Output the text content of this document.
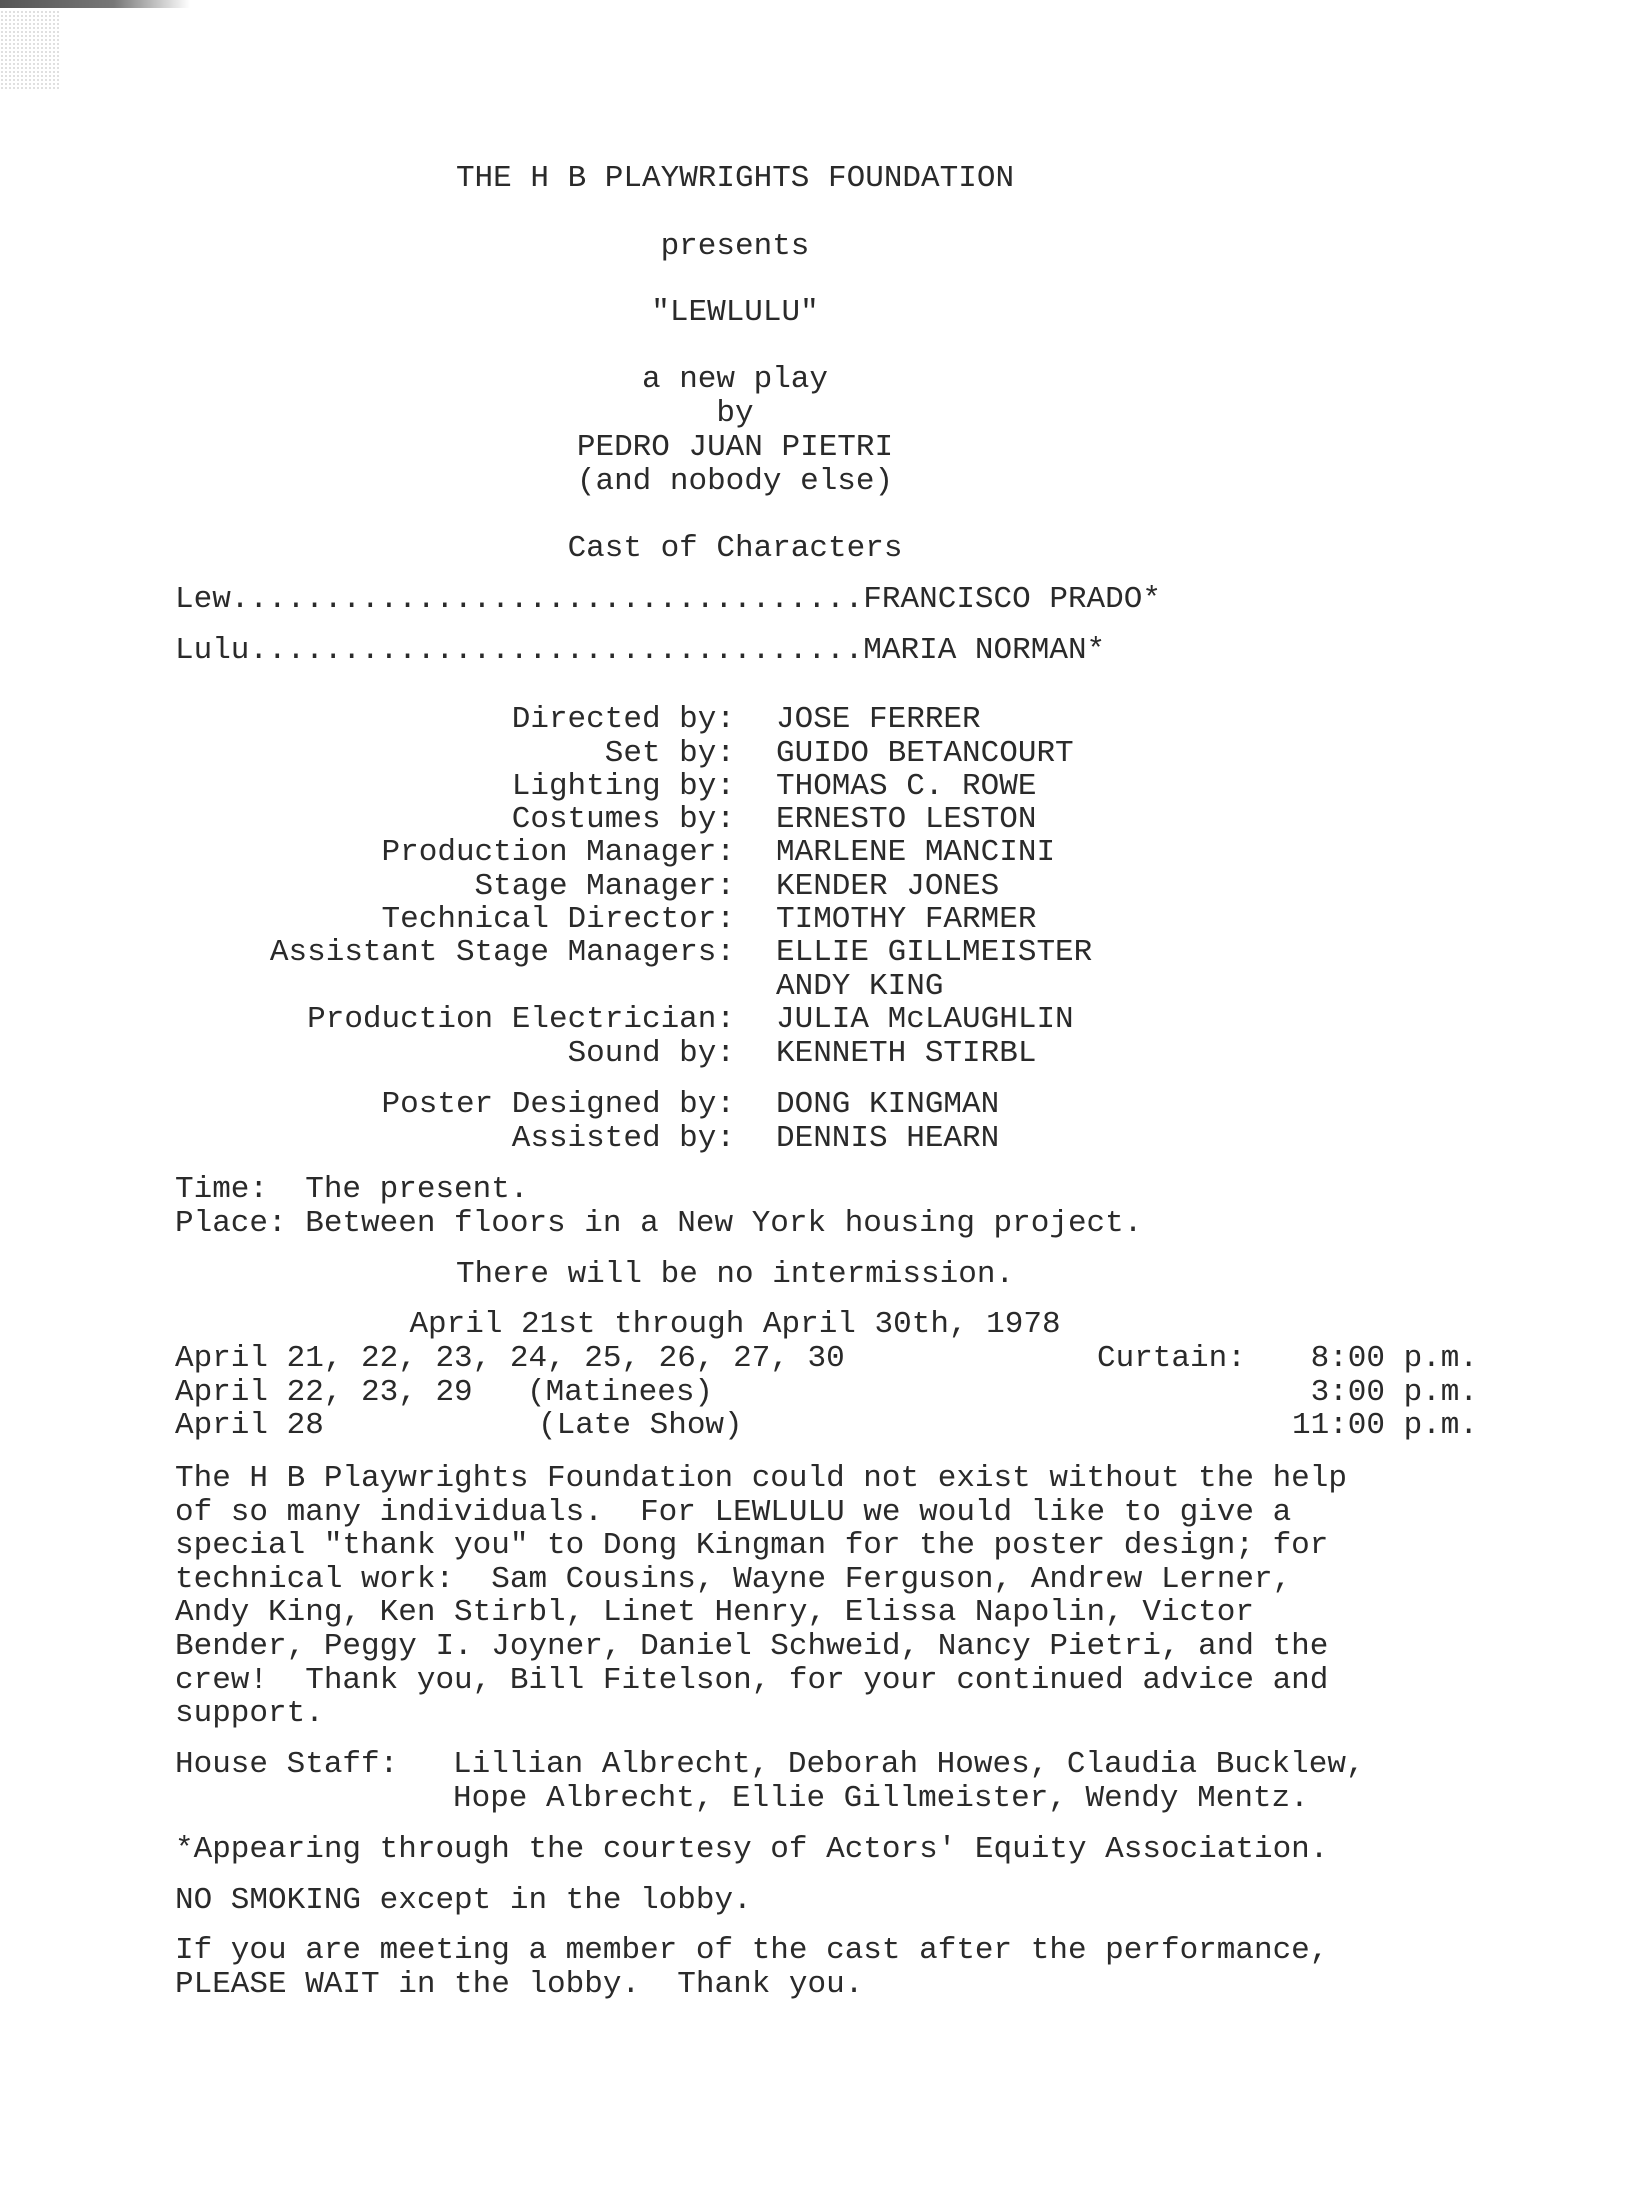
THE H B PLAYWRIGHTS FOUNDATION
presents
"LEWLULU"
a new play
by
PEDRO JUAN PIETRI
(and nobody else)
Cast of Characters
Lew..................................FRANCISCO PRADO*
Lulu.................................MARIA NORMAN*
Directed by: JOSE FERRER
Set by: GUIDO BETANCOURT
Lighting by: THOMAS C. ROWE
Costumes by: ERNESTO LESTON
Production Manager: MARLENE MANCINI
Stage Manager: KENDER JONES
Technical Director: TIMOTHY FARMER
Assistant Stage Managers: ELLIE GILLMEISTER
ANDY KING
Production Electrician: JULIA McLAUGHLIN
Sound by: KENNETH STIRBL
Poster Designed by: DONG KINGMAN
Assisted by: DENNIS HEARN
Time:  The present.
Place: Between floors in a New York housing project.
There will be no intermission.
April 21st through April 30th, 1978
April 21, 22, 23, 24, 25, 26, 27, 30	Curtain: 8:00 p.m.
April 22, 23, 29 (Matinees)	3:00 p.m.
April 28	(Late Show)	11:00 p.m.
The H B Playwrights Foundation could not exist without the help
of so many individuals.  For LEWLULU we would like to give a
special "thank you" to Dong Kingman for the poster design; for
technical work:  Sam Cousins, Wayne Ferguson, Andrew Lerner,
Andy King, Ken Stirbl, Linet Henry, Elissa Napolin, Victor
Bender, Peggy I. Joyner, Daniel Schweid, Nancy Pietri, and the
crew!  Thank you, Bill Fitelson, for your continued advice and
support.
House Staff: Lillian Albrecht, Deborah Howes, Claudia Bucklew,
Hope Albrecht, Ellie Gillmeister, Wendy Mentz.
*Appearing through the courtesy of Actors' Equity Association.
NO SMOKING except in the lobby.
If you are meeting a member of the cast after the performance,
PLEASE WAIT in the lobby.  Thank you.
